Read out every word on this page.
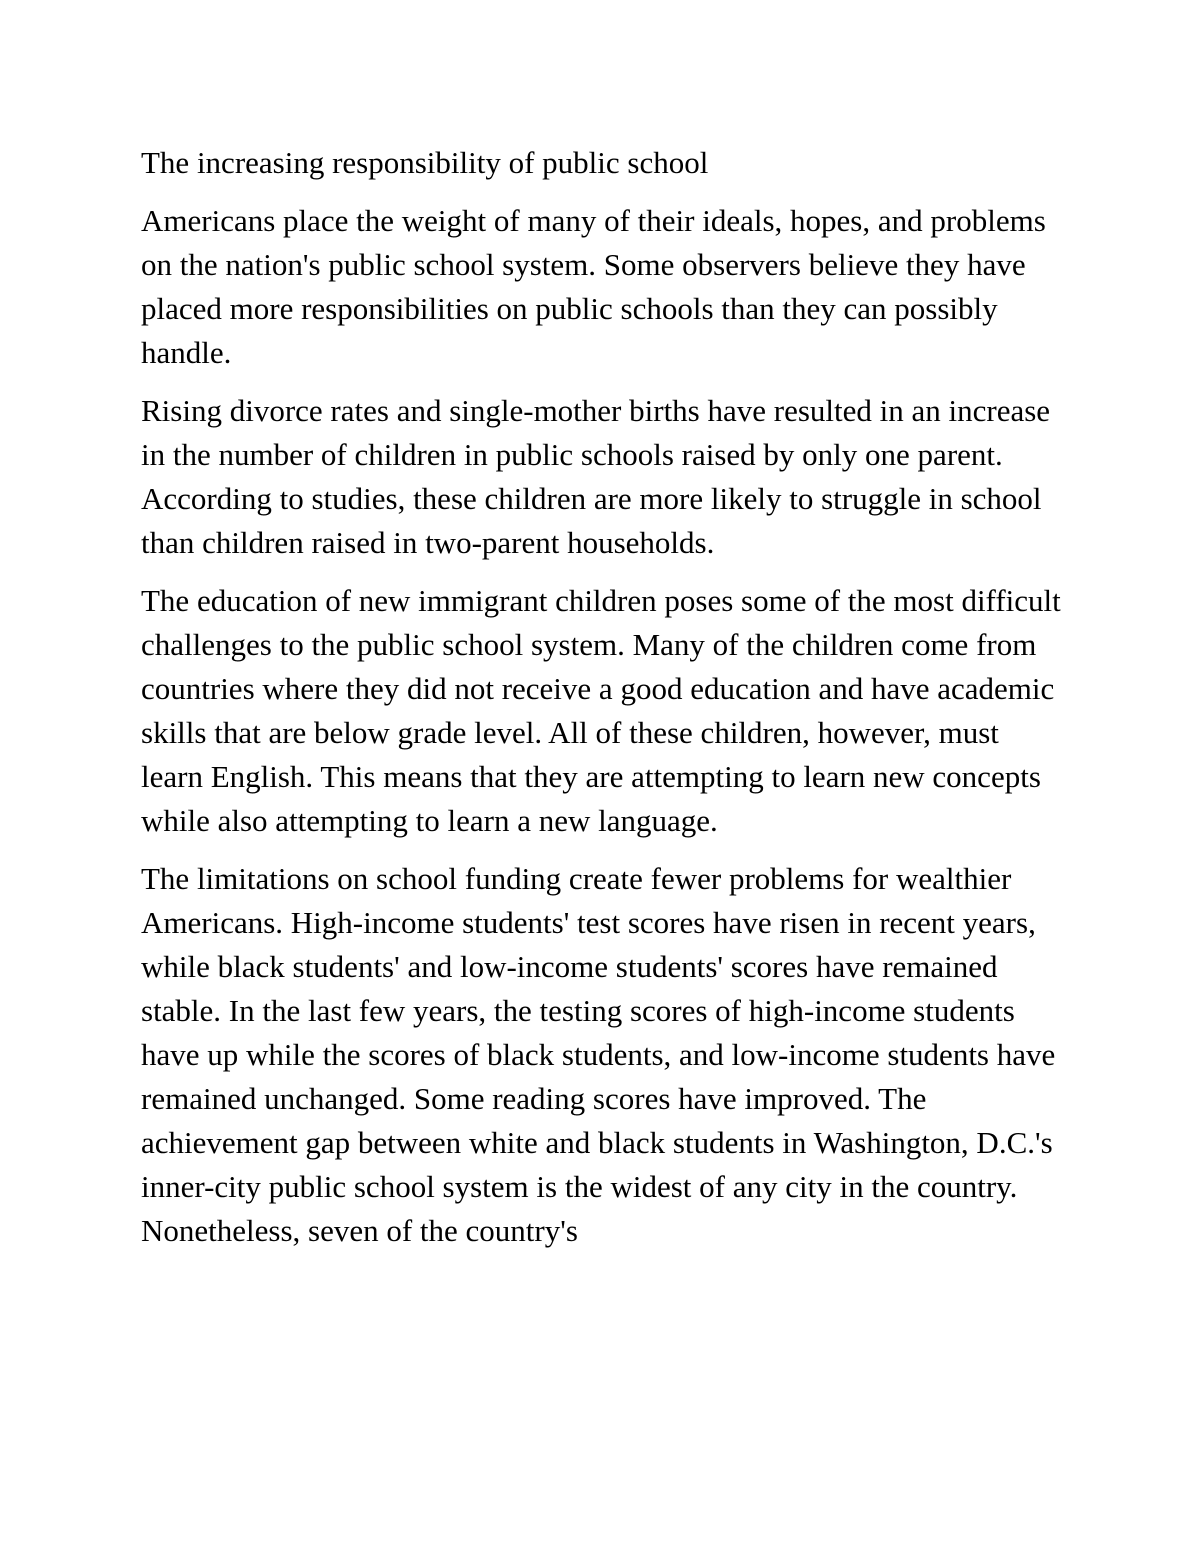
The increasing responsibility of public school

Americans place the weight of many of their ideals, hopes, and problems on the nation's public school system. Some observers believe they have placed more responsibilities on public schools than they can possibly handle.

Rising divorce rates and single-mother births have resulted in an increase in the number of children in public schools raised by only one parent. According to studies, these children are more likely to struggle in school than children raised in two-parent households.

The education of new immigrant children poses some of the most difficult challenges to the public school system. Many of the children come from countries where they did not receive a good education and have academic skills that are below grade level. All of these children, however, must learn English. This means that they are attempting to learn new concepts while also attempting to learn a new language.

The limitations on school funding create fewer problems for wealthier Americans. High-income students' test scores have risen in recent years, while black students' and low-income students' scores have remained stable. In the last few years, the testing scores of high-income students have up while the scores of black students, and low-income students have remained unchanged. Some reading scores have improved. The achievement gap between white and black students in Washington, D.C.'s inner-city public school system is the widest of any city in the country. Nonetheless, seven of the country's
